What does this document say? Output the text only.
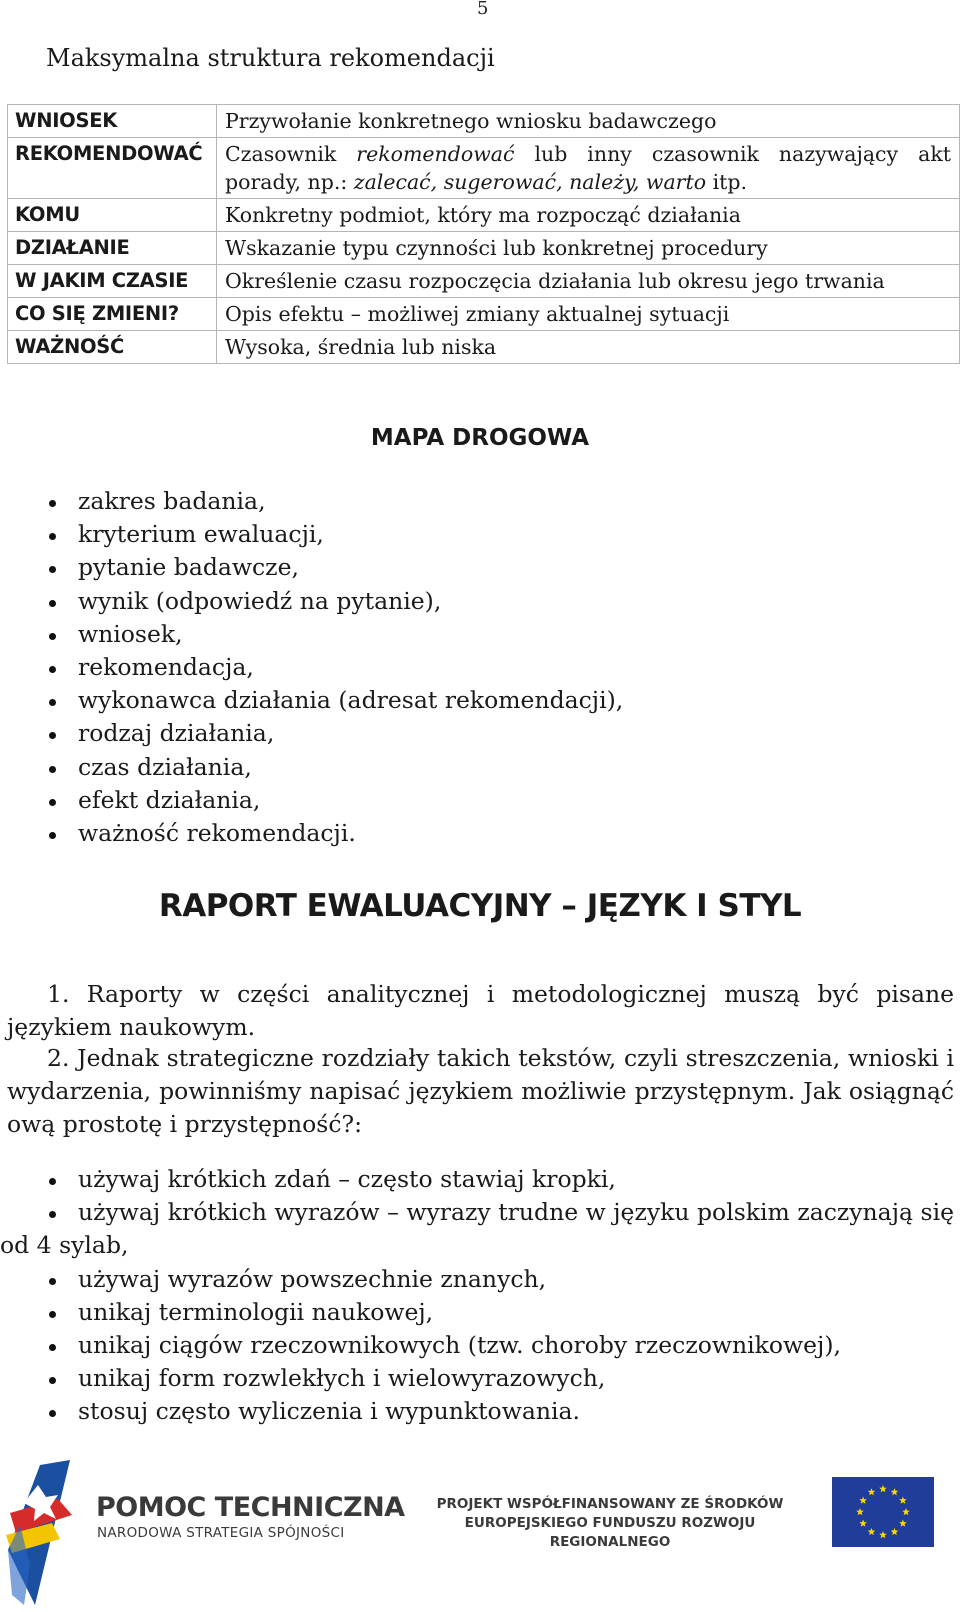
5
Maksymalna struktura rekomendacji
WNIOSEK	Przywołanie konkretnego wniosku badawczego
REKOMENDOWAĆ	Czasownik rekomendować lub inny czasownik nazywający akt porady, np.: zalecać, sugerować, należy, warto itp.
KOMU	Konkretny podmiot, który ma rozpocząć działania
DZIAŁANIE	Wskazanie typu czynności lub konkretnej procedury
W JAKIM CZASIE	Określenie czasu rozpoczęcia działania lub okresu jego trwania
CO SIĘ ZMIENI?	Opis efektu – możliwej zmiany aktualnej sytuacji
WAŻNOŚĆ	Wysoka, średnia lub niska
MAPA DROGOWA
zakres badania,
kryterium ewaluacji,
pytanie badawcze,
wynik (odpowiedź na pytanie),
wniosek,
rekomendacja,
wykonawca działania (adresat rekomendacji),
rodzaj działania,
czas działania,
efekt działania,
ważność rekomendacji.
RAPORT EWALUACYJNY – JĘZYK I STYL

1. Raporty w części analitycznej i metodologicznej muszą być pisane językiem naukowym.

2. Jednak strategiczne rozdziały takich tekstów, czyli streszczenia, wnioski i wydarzenia, powinniśmy napisać językiem możliwie przystępnym. Jak osiągnąć ową prostotę i przystępność?:

używaj krótkich zdań – często stawiaj kropki,
używaj krótkich wyrazów – wyrazy trudne w języku polskim zaczynają się od 4 sylab,
używaj wyrazów powszechnie znanych,
unikaj terminologii naukowej,
unikaj ciągów rzeczownikowych (tzw. choroby rzeczownikowej),
unikaj form rozwlekłych i wielowyrazowych,
stosuj często wyliczenia i wypunktowania.
POMOC TECHNICZNA
NARODOWA STRATEGIA SPÓJNOŚCI
PROJEKT WSPÓŁFINANSOWANY ZE ŚRODKÓW
EUROPEJSKIEGO FUNDUSZU ROZWOJU REGIONALNEGO
